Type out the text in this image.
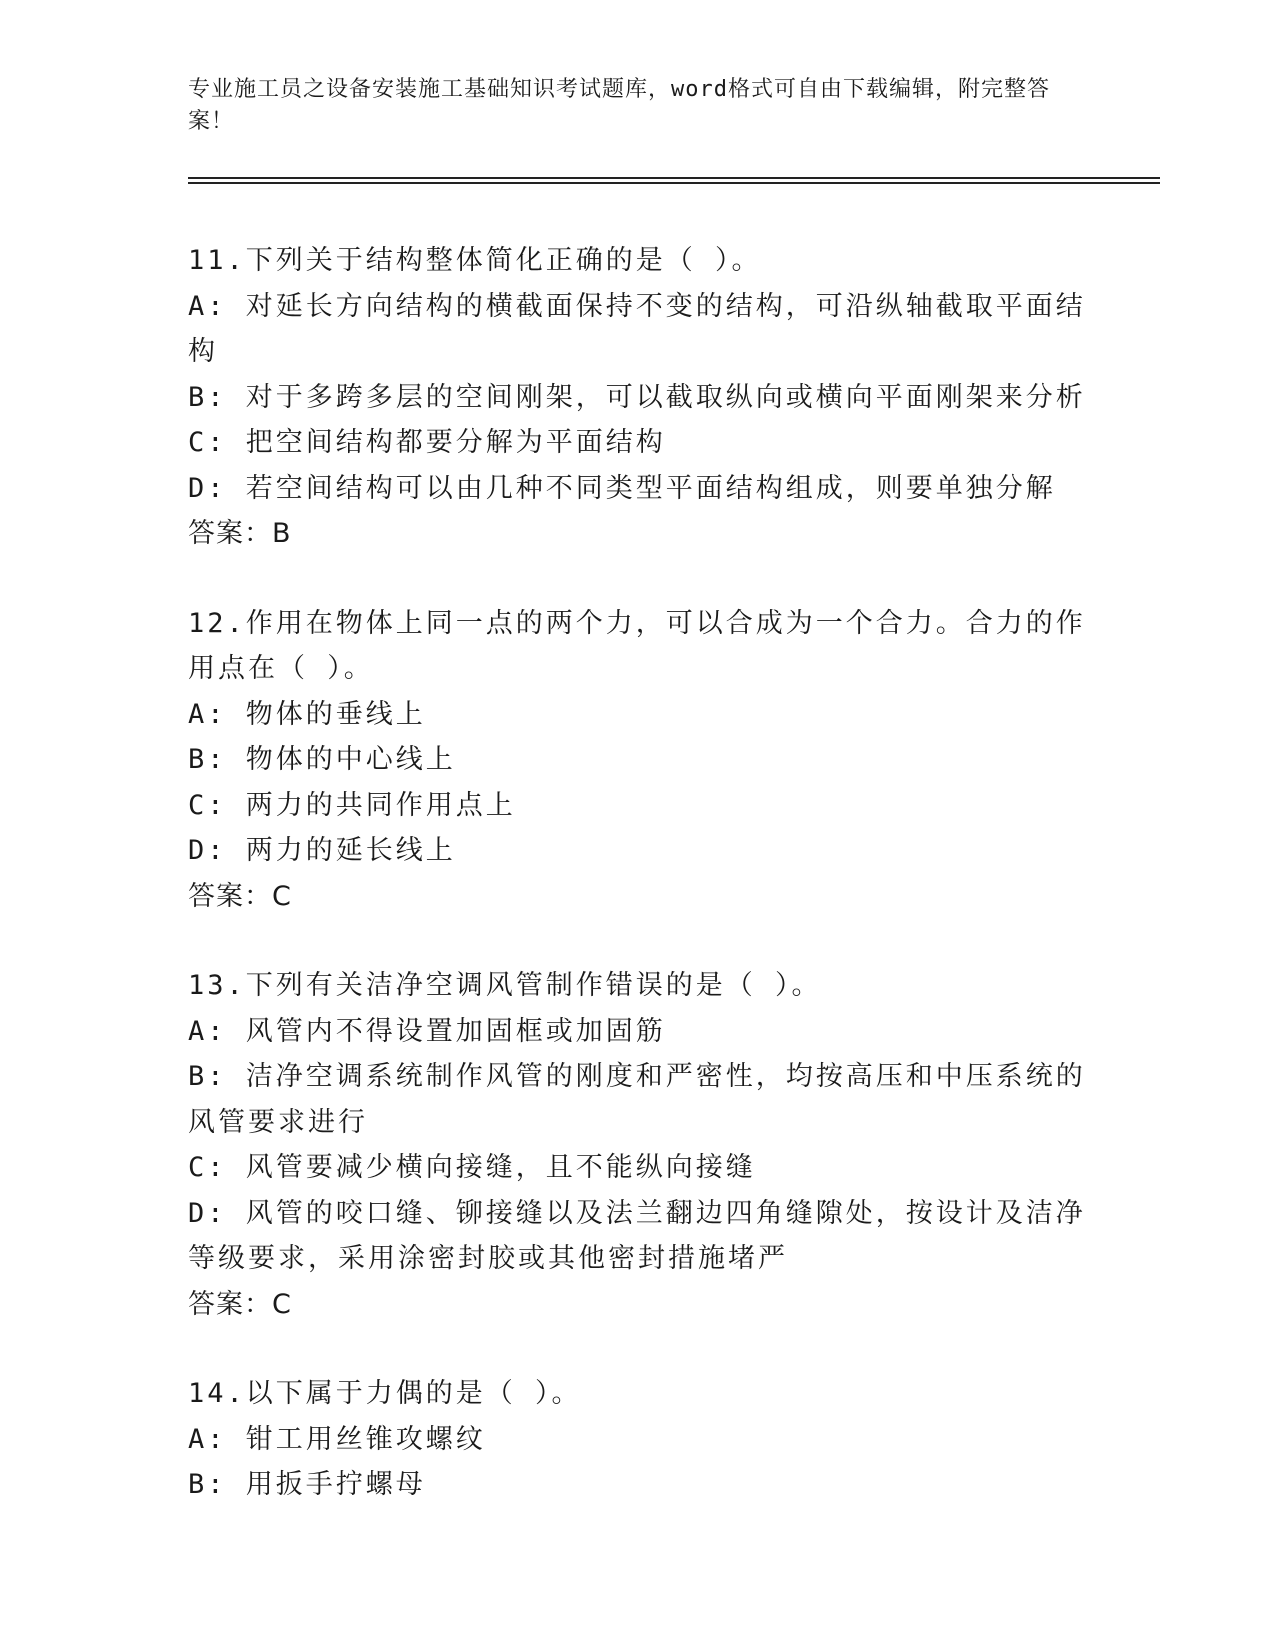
专业施工员之设备安装施工基础知识考试题库，word格式可自由下载编辑，附完整答案！

11.下列关于结构整体简化正确的是（ ）。

A: 对延长方向结构的横截面保持不变的结构，可沿纵轴截取平面结构

B: 对于多跨多层的空间刚架，可以截取纵向或横向平面刚架来分析

C: 把空间结构都要分解为平面结构

D: 若空间结构可以由几种不同类型平面结构组成，则要单独分解

答案：B

12.作用在物体上同一点的两个力，可以合成为一个合力。合力的作用点在（ ）。

A: 物体的垂线上

B: 物体的中心线上

C: 两力的共同作用点上

D: 两力的延长线上

答案：C

13.下列有关洁净空调风管制作错误的是（ ）。

A: 风管内不得设置加固框或加固筋

B: 洁净空调系统制作风管的刚度和严密性，均按高压和中压系统的风管要求进行

C: 风管要减少横向接缝，且不能纵向接缝

D: 风管的咬口缝、铆接缝以及法兰翻边四角缝隙处，按设计及洁净等级要求，采用涂密封胶或其他密封措施堵严

答案：C

14.以下属于力偶的是（ ）。

A: 钳工用丝锥攻螺纹

B: 用扳手拧螺母
